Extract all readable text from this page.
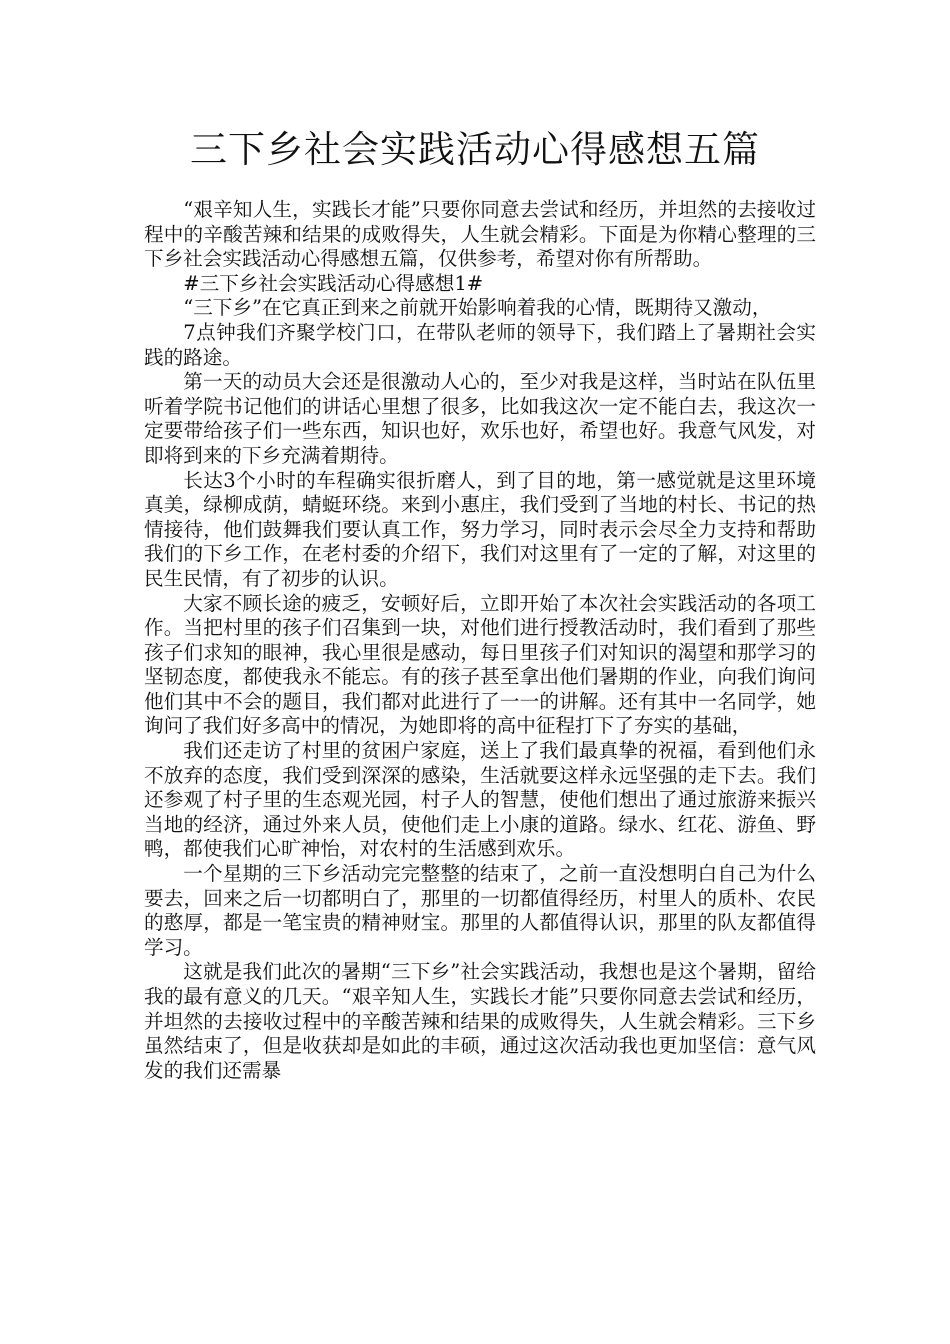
三下乡社会实践活动心得感想五篇

“艰辛知人生，实践长才能”只要你同意去尝试和经历，并坦然的去接收过程中的辛酸苦辣和结果的成败得失，人生就会精彩。下面是为你精心整理的三下乡社会实践活动心得感想五篇，仅供参考，希望对你有所帮助。

#三下乡社会实践活动心得感想1#

“三下乡”在它真正到来之前就开始影响着我的心情，既期待又激动，

7点钟我们齐聚学校门口，在带队老师的领导下，我们踏上了暑期社会实践的路途。

第一天的动员大会还是很激动人心的，至少对我是这样，当时站在队伍里听着学院书记他们的讲话心里想了很多，比如我这次一定不能白去，我这次一定要带给孩子们一些东西，知识也好，欢乐也好，希望也好。我意气风发，对即将到来的下乡充满着期待。

长达3个小时的车程确实很折磨人，到了目的地，第一感觉就是这里环境真美，绿柳成荫，蜻蜓环绕。来到小惠庄，我们受到了当地的村长、书记的热情接待，他们鼓舞我们要认真工作，努力学习，同时表示会尽全力支持和帮助我们的下乡工作，在老村委的介绍下，我们对这里有了一定的了解，对这里的民生民情，有了初步的认识。

大家不顾长途的疲乏，安顿好后，立即开始了本次社会实践活动的各项工作。当把村里的孩子们召集到一块，对他们进行授教活动时，我们看到了那些孩子们求知的眼神，我心里很是感动，每日里孩子们对知识的渴望和那学习的坚韧态度，都使我永不能忘。有的孩子甚至拿出他们暑期的作业，向我们询问他们其中不会的题目，我们都对此进行了一一的讲解。还有其中一名同学，她询问了我们好多高中的情况，为她即将的高中征程打下了夯实的基础，

我们还走访了村里的贫困户家庭，送上了我们最真挚的祝福，看到他们永不放弃的态度，我们受到深深的感染，生活就要这样永远坚强的走下去。我们还参观了村子里的生态观光园，村子人的智慧，使他们想出了通过旅游来振兴当地的经济，通过外来人员，使他们走上小康的道路。绿水、红花、游鱼、野鸭，都使我们心旷神怡，对农村的生活感到欢乐。

一个星期的三下乡活动完完整整的结束了，之前一直没想明白自己为什么要去，回来之后一切都明白了，那里的一切都值得经历，村里人的质朴、农民的憨厚，都是一笔宝贵的精神财宝。那里的人都值得认识，那里的队友都值得学习。

这就是我们此次的暑期“三下乡”社会实践活动，我想也是这个暑期，留给我的最有意义的几天。“艰辛知人生，实践长才能”只要你同意去尝试和经历，并坦然的去接收过程中的辛酸苦辣和结果的成败得失，人生就会精彩。三下乡虽然结束了，但是收获却是如此的丰硕，通过这次活动我也更加坚信：意气风发的我们还需暴
